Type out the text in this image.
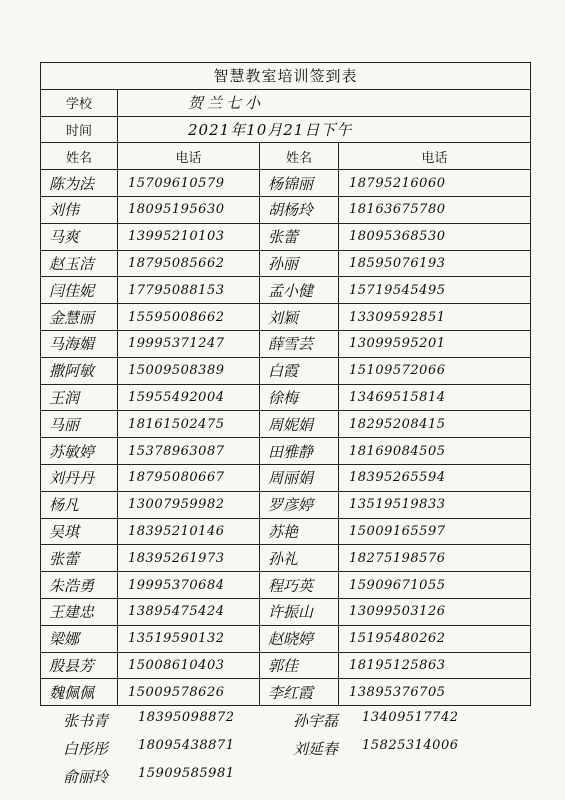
智慧教室培训签到表			
学校	贺兰七小		
时间	2021年10月21日下午		
姓名	电话	姓名	电话
陈为法	15709610579	杨锦丽	18795216060
刘伟	18095195630	胡杨玲	18163675780
马爽	13995210103	张蕾	18095368530
赵玉洁	18795085662	孙丽	18595076193
闫佳妮	17795088153	孟小健	15719545495
金慧丽	15595008662	刘颖	13309592851
马海媚	19995371247	薛雪芸	13099595201
撒阿敏	15009508389	白霞	15109572066
王润	15955492004	徐梅	13469515814
马丽	18161502475	周妮娟	18295208415
苏敏婷	15378963087	田雅静	18169084505
刘丹丹	18795080667	周丽娟	18395265594
杨凡	13007959982	罗彦婷	13519519833
吴琪	18395210146	苏艳	15009165597
张蕾	18395261973	孙礼	18275198576
朱浩勇	19995370684	程巧英	15909671055
王建忠	13895475424	许振山	13099503126
梁娜	13519590132	赵晓婷	15195480262
殷县芳	15008610403	郭佳	18195125863
魏佩佩	15009578626	李红霞	13895376705
张书青	18395098872	孙宇磊	13409517742
白彤彤	18095438871	刘延春	15825314006
俞丽玲	15909585981
